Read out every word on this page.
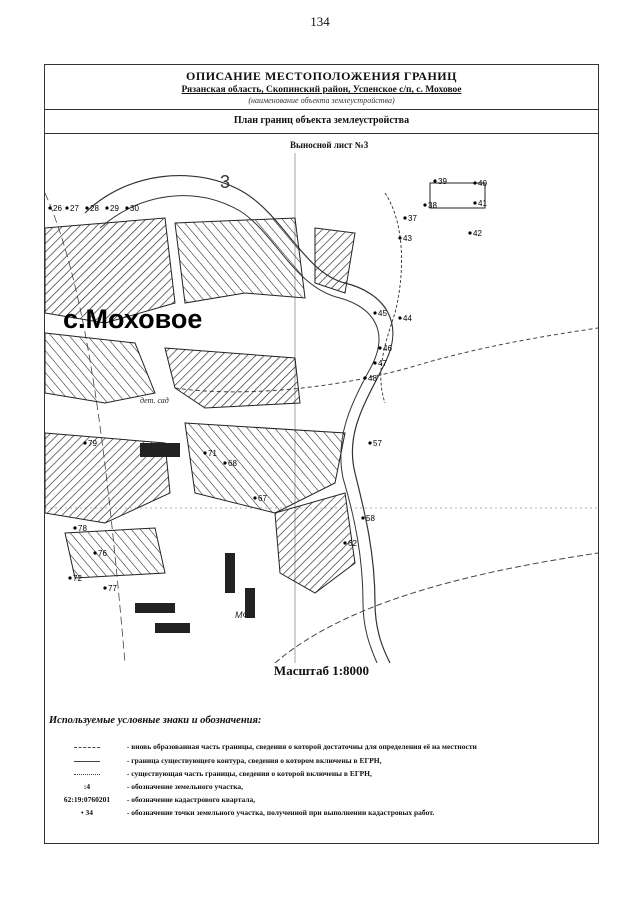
134
ОПИСАНИЕ МЕСТОПОЛОЖЕНИЯ ГРАНИЦ
Рязанская область, Скопинский район, Успенское с/п, с. Моховое
(наименование объекта землеустройства)
План границ объекта землеустройства
с.Моховое
3
Выносной лист №3
МФ
дет. сад
26 27 28 29 30
37
38
39	40
41
42
43
44
45
46
47
48
57
58
62
67
68
71
72
76
77
78
79
Масштаб 1:8000
Используемые условные знаки и обозначения:
- вновь образованная часть границы, сведения о которой достаточны для определения её на местности
- граница существующего контура, сведения о котором включены в ЕГРН,
- существующая часть границы, сведения о которой включены в ЕГРН,
:4	- обозначение земельного участка,
62:19:0760201 - обозначение кадастрового квартала,
• 34	- обозначение точки земельного участка, полученной при выполнении кадастровых работ.
